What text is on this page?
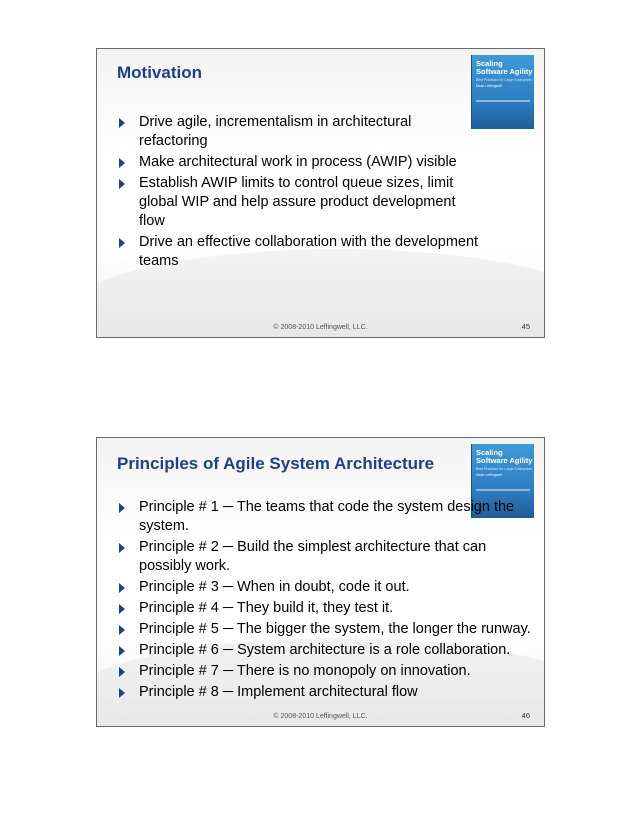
Motivation	Scaling
Software Agility
Best Practices for Large Enterprises
Dean Leffingwell
Drive agile, incrementalism in architectural refactoring
Make architectural work in process (AWIP) visible
Establish AWIP limits to control queue sizes, limit global WIP and help assure product development flow
Drive an effective collaboration with the development teams
© 2008-2010 Leffingwell, LLC.	45
Principles of Agile System Architecture
Scaling
Software Agility
Best Practices for Large Enterprises
Dean Leffingwell
Principle # 1 ─ The teams that code the system design the system.
Principle # 2 ─ Build the simplest architecture that can possibly work.
Principle # 3 ─ When in doubt, code it out.
Principle # 4 ─ They build it, they test it.
Principle # 5 ─ The bigger the system, the longer the runway.
Principle # 6 ─ System architecture is a role collaboration.
Principle # 7 ─ There is no monopoly on innovation.
Principle # 8 ─ Implement architectural flow
© 2008-2010 Leffingwell, LLC.	46
